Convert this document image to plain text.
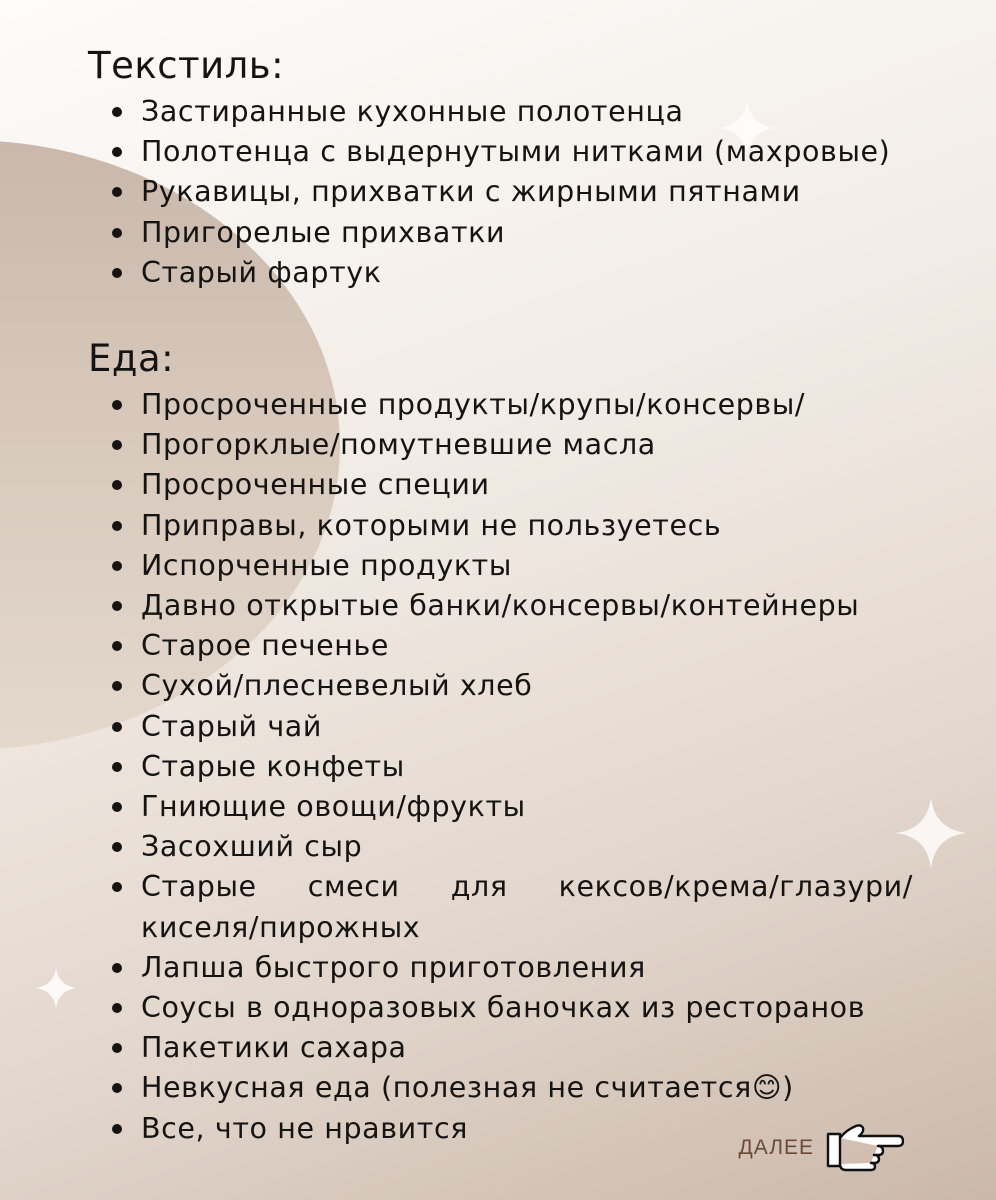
Текстиль:
Застиранные кухонные полотенца
Полотенца с выдернутыми нитками (махровые)
Рукавицы, прихватки с жирными пятнами
Пригорелые прихватки
Старый фартук
Еда:
Просроченные продукты/крупы/консервы/
Прогорклые/помутневшие масла
Просроченные специи
Приправы, которыми не пользуетесь
Испорченные продукты
Давно открытые банки/консервы/контейнеры
Старое печенье
Сухой/плесневелый хлеб
Старый чай
Старые конфеты
Гниющие овощи/фрукты
Засохший сыр
Старые смеси для кексов/крема/глазури/ киселя/пирожных
Лапша быстрого приготовления
Соусы в одноразовых баночках из ресторанов
Пакетики сахара
Невкусная еда (полезная не считается😊)
Все, что не нравится
ДАЛЕЕ
